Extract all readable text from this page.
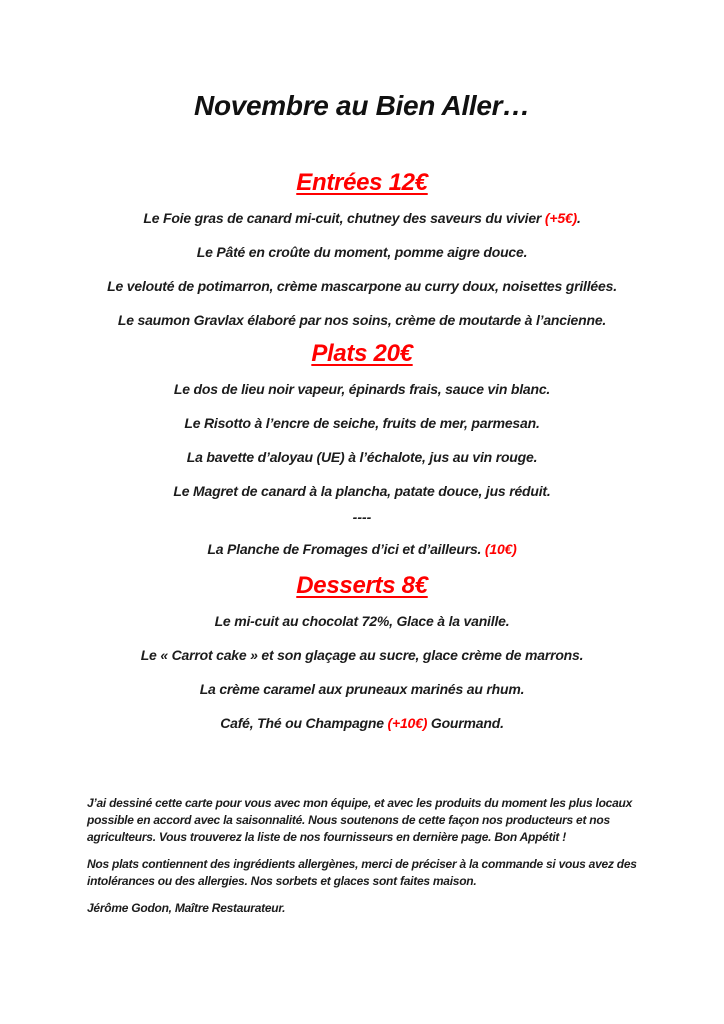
Novembre au Bien Aller…
Entrées 12€

Le Foie gras de canard mi-cuit, chutney des saveurs du vivier (+5€).

Le Pâté en croûte du moment, pomme aigre douce.

Le velouté de potimarron, crème mascarpone au curry doux, noisettes grillées.

Le saumon Gravlax élaboré par nos soins, crème de moutarde à l’ancienne.

Plats 20€

Le dos de lieu noir vapeur, épinards frais, sauce vin blanc.

Le Risotto à l’encre de seiche, fruits de mer, parmesan.

La bavette d’aloyau (UE) à l’échalote, jus au vin rouge.

Le Magret de canard à la plancha, patate douce, jus réduit.

----

La Planche de Fromages d’ici et d’ailleurs. (10€)

Desserts 8€

Le mi-cuit au chocolat 72%, Glace à la vanille.

Le « Carrot cake » et son glaçage au sucre, glace crème de marrons.

La crème caramel aux pruneaux marinés au rhum.

Café, Thé ou Champagne (+10€) Gourmand.

J’ai dessiné cette carte pour vous avec mon équipe, et avec les produits du moment les plus locaux possible en accord avec la saisonnalité. Nous soutenons de cette façon nos producteurs et nos agriculteurs. Vous trouverez la liste de nos fournisseurs en dernière page. Bon Appétit !

Nos plats contiennent des ingrédients allergènes, merci de préciser à la commande si vous avez des intolérances ou des allergies. Nos sorbets et glaces sont faites maison.

Jérôme Godon, Maître Restaurateur.
